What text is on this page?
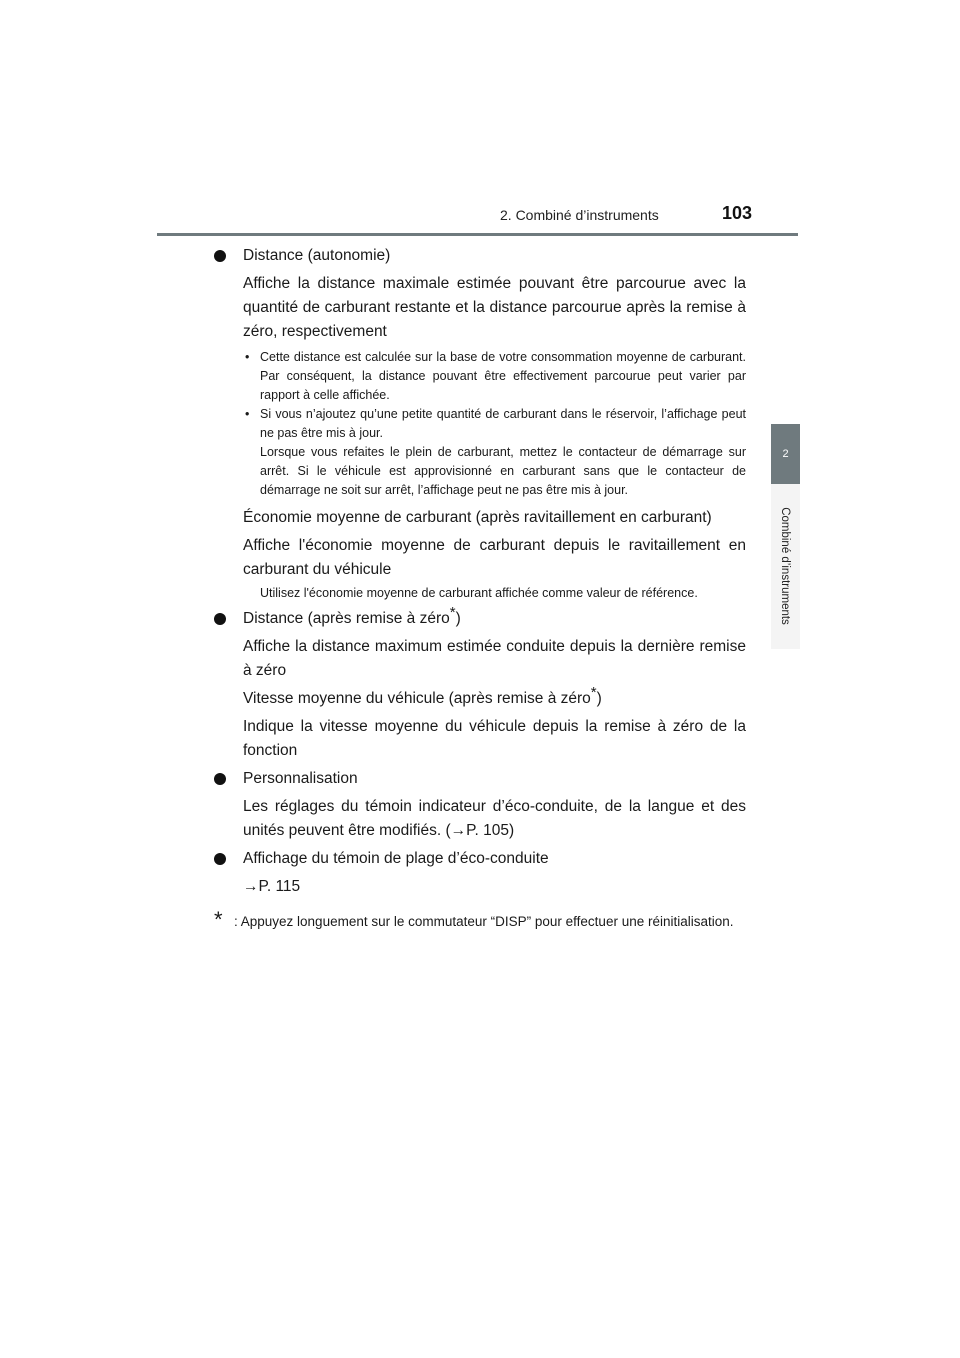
2. Combiné d’instruments	103
2
Combiné d’instruments

Distance (autonomie)

Affiche la distance maximale estimée pouvant être parcourue avec la quantité de carburant restante et la distance parcourue après la remise à zéro, respectivement

• Cette distance est calculée sur la base de votre consommation moyenne de carburant. Par conséquent, la distance pouvant être effectivement parcourue peut varier par rapport à celle affichée.
• Si vous n’ajoutez qu’une petite quantité de carburant dans le réservoir, l’affichage peut ne pas être mis à jour.
Lorsque vous refaites le plein de carburant, mettez le contacteur de démarrage sur arrêt. Si le véhicule est approvisionné en carburant sans que le contacteur de démarrage ne soit sur arrêt, l’affichage peut ne pas être mis à jour.

Économie moyenne de carburant (après ravitaillement en carburant)

Affiche l'économie moyenne de carburant depuis le ravitaillement en carburant du véhicule

Utilisez l'économie moyenne de carburant affichée comme valeur de référence.

Distance (après remise à zéro*)

Affiche la distance maximum estimée conduite depuis la dernière remise à zéro

Vitesse moyenne du véhicule (après remise à zéro*)

Indique la vitesse moyenne du véhicule depuis la remise à zéro de la fonction

Personnalisation

Les réglages du témoin indicateur d’éco-conduite, de la langue et des unités peuvent être modifiés. (→P. 105)

Affichage du témoin de plage d’éco-conduite

→P. 115

* : Appuyez longuement sur le commutateur “DISP” pour effectuer une réinitialisation.
